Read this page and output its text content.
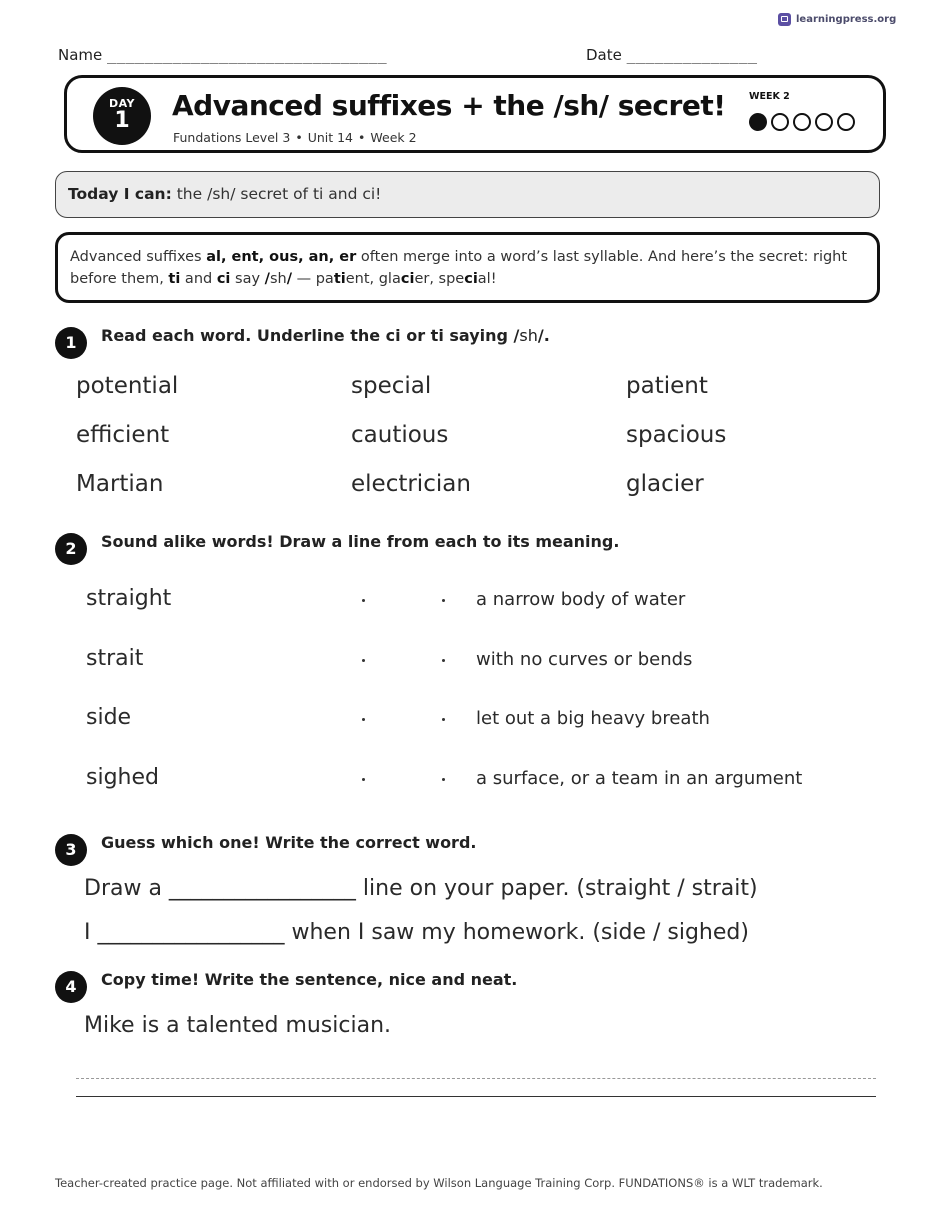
learningpress.org
Name ______________________________	Date ______________
DAY
1	Advanced suffixes + the /sh/ secret!
Fundations Level 3 • Unit 14 • Week 2
WEEK 2
Today I can: the /sh/ secret of ti and ci!
Advanced suffixes al, ent, ous, an, er often merge into a word’s last syllable. And here’s the secret: right before them, ti and ci say /sh/ — patient, glacier, special!
1	Read each word. Underline the ci or ti saying /sh/.
potential	special	patient
efficient	cautious	spacious
Martian	electrician	glacier
2	Sound alike words! Draw a line from each to its meaning.
straight	a narrow body of water
strait	with no curves or bends
side	let out a big heavy breath
sighed	a surface, or a team in an argument
3	Guess which one! Write the correct word.
Draw a _________________ line on your paper. (straight / strait)
I _________________ when I saw my homework. (side / sighed)
4	Copy time! Write the sentence, nice and neat.
Mike is a talented musician.
Teacher-created practice page. Not affiliated with or endorsed by Wilson Language Training Corp. FUNDATIONS® is a WLT trademark.
